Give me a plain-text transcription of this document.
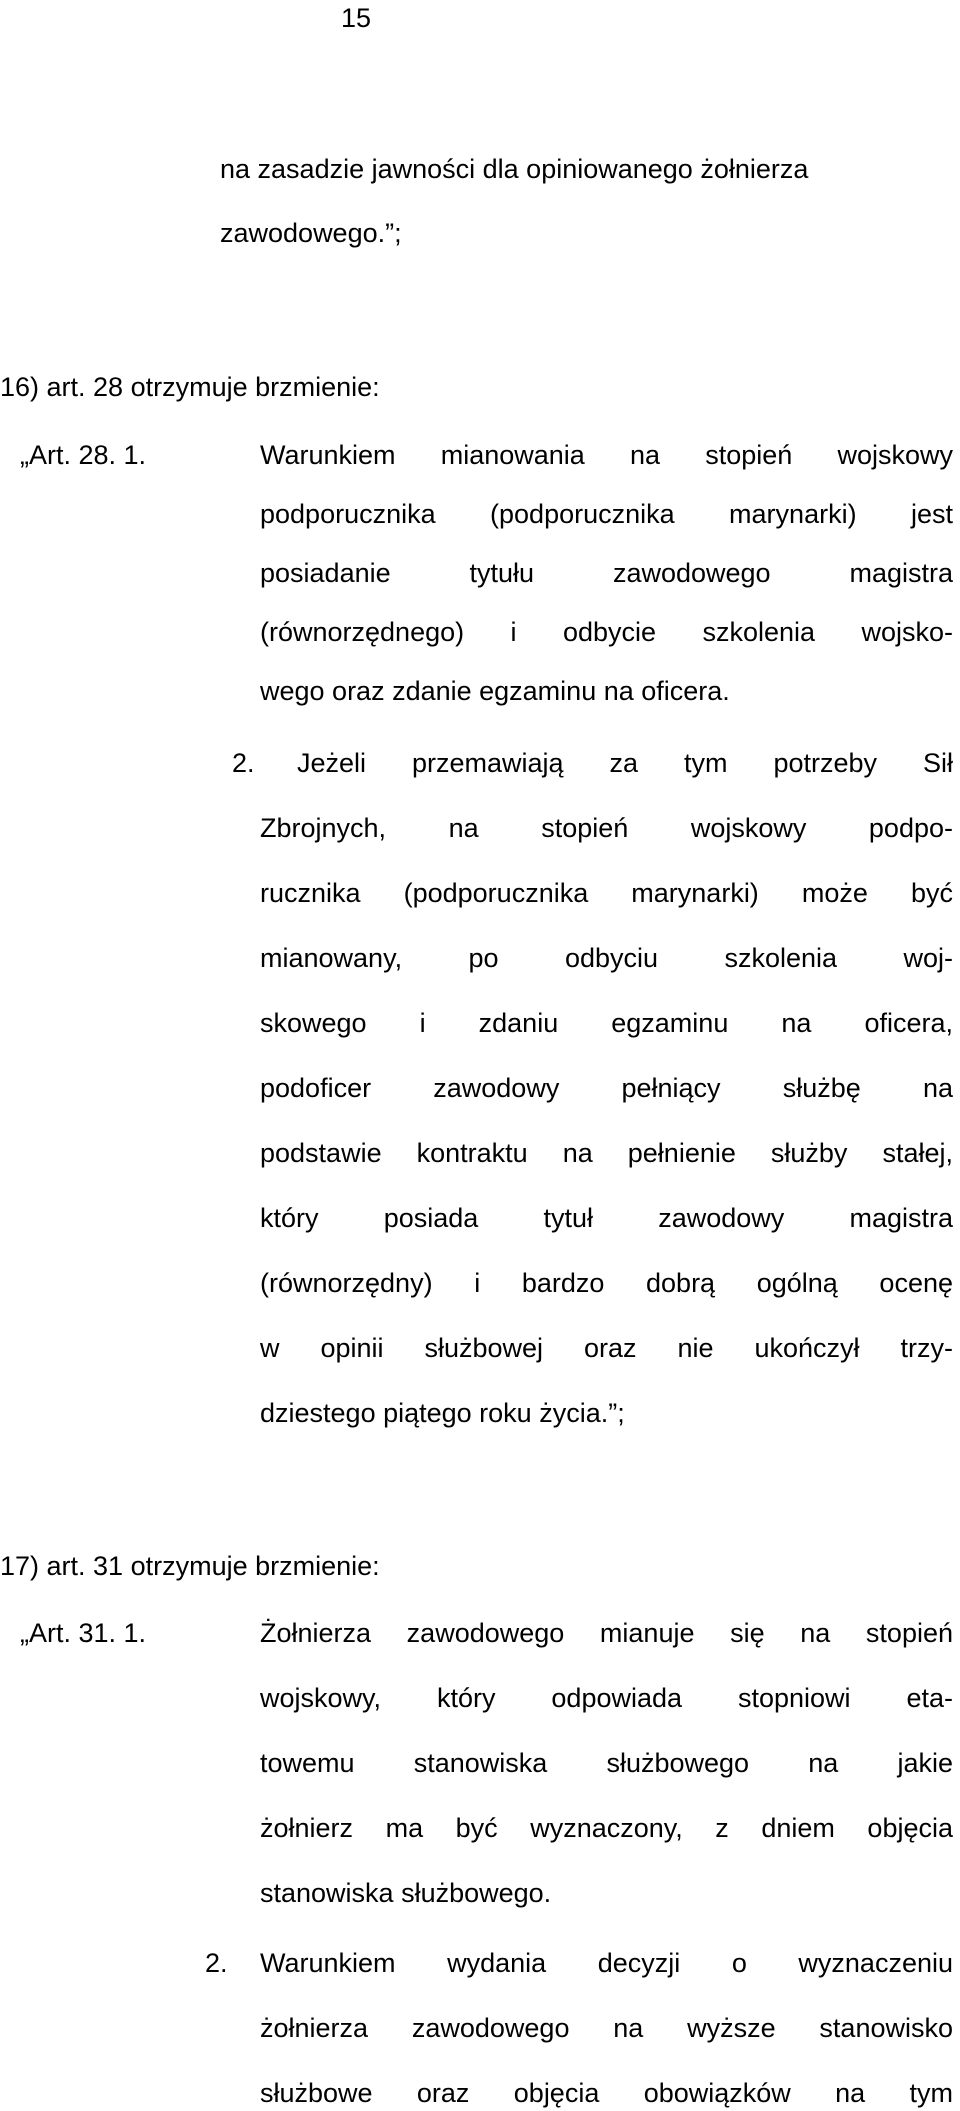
15
na zasadzie jawności dla opiniowanego żołnierza
zawodowego.”;
16) art. 28 otrzymuje brzmienie:
„Art. 28. 1.	Warunkiem mianowania na stopień wojskowy
podporucznika (podporucznika marynarki) jest
posiadanie tytułu zawodowego magistra
(równorzędnego) i odbycie szkolenia wojsko-
wego oraz zdanie egzaminu na oficera.
2. Jeżeli przemawiają za tym potrzeby Sił
Zbrojnych, na stopień wojskowy podpo-
rucznika (podporucznika marynarki) może być
mianowany, po odbyciu szkolenia woj-
skowego i zdaniu egzaminu na oficera,
podoficer zawodowy pełniący służbę na
podstawie kontraktu na pełnienie służby stałej,
który posiada tytuł zawodowy magistra
(równorzędny) i bardzo dobrą ogólną ocenę
w opinii służbowej oraz nie ukończył trzy-
dziestego piątego roku życia.”;
17) art. 31 otrzymuje brzmienie:
„Art. 31. 1.	Żołnierza zawodowego mianuje się na stopień
wojskowy, który odpowiada stopniowi eta-
towemu stanowiska służbowego na jakie
żołnierz ma być wyznaczony, z dniem objęcia
stanowiska służbowego.
2. Warunkiem wydania decyzji o wyznaczeniu
żołnierza zawodowego na wyższe stanowisko
służbowe oraz objęcia obowiązków na tym
